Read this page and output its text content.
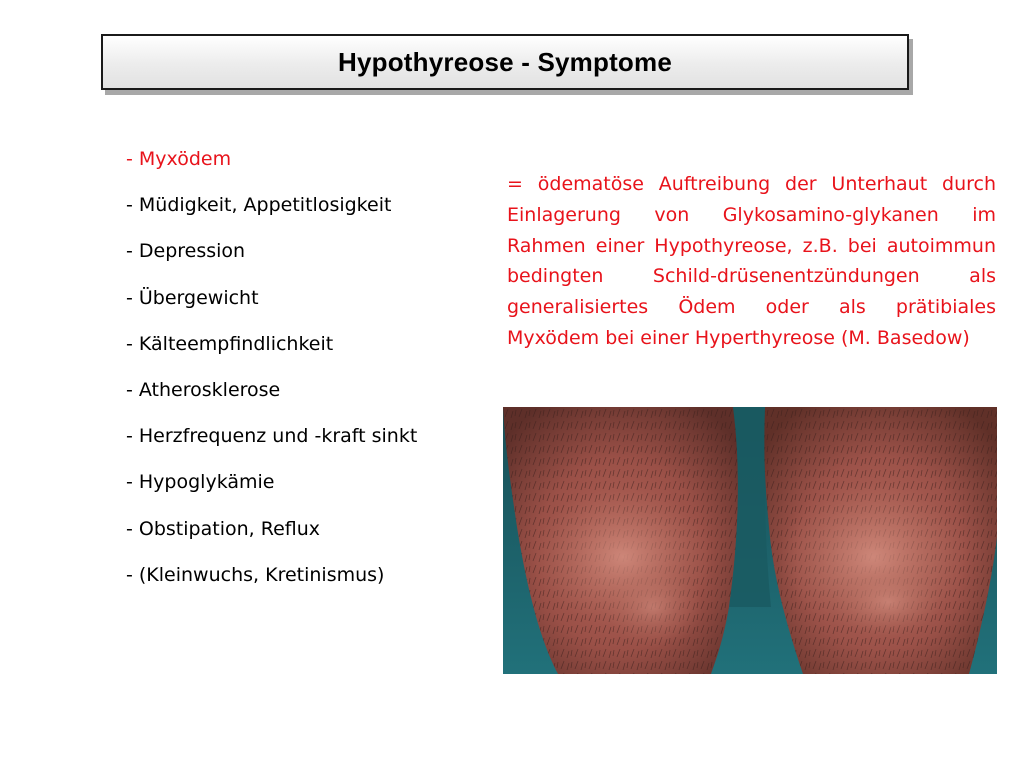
Hypothyreose - Symptome
- Myxödem
- Müdigkeit, Appetitlosigkeit
- Depression
- Übergewicht
- Kälteempfindlichkeit
- Atherosklerose
- Herzfrequenz und -kraft sinkt
- Hypoglykämie
- Obstipation, Reflux
- (Kleinwuchs, Kretinismus)

= ödematöse Auftreibung der Unterhaut durch Einlagerung von Glykosamino-glykanen im Rahmen einer Hypothyreose, z.B. bei autoimmun bedingten Schild-drüsenentzündungen als generalisiertes Ödem oder als prätibiales Myxödem bei einer Hyperthyreose (M. Basedow)
